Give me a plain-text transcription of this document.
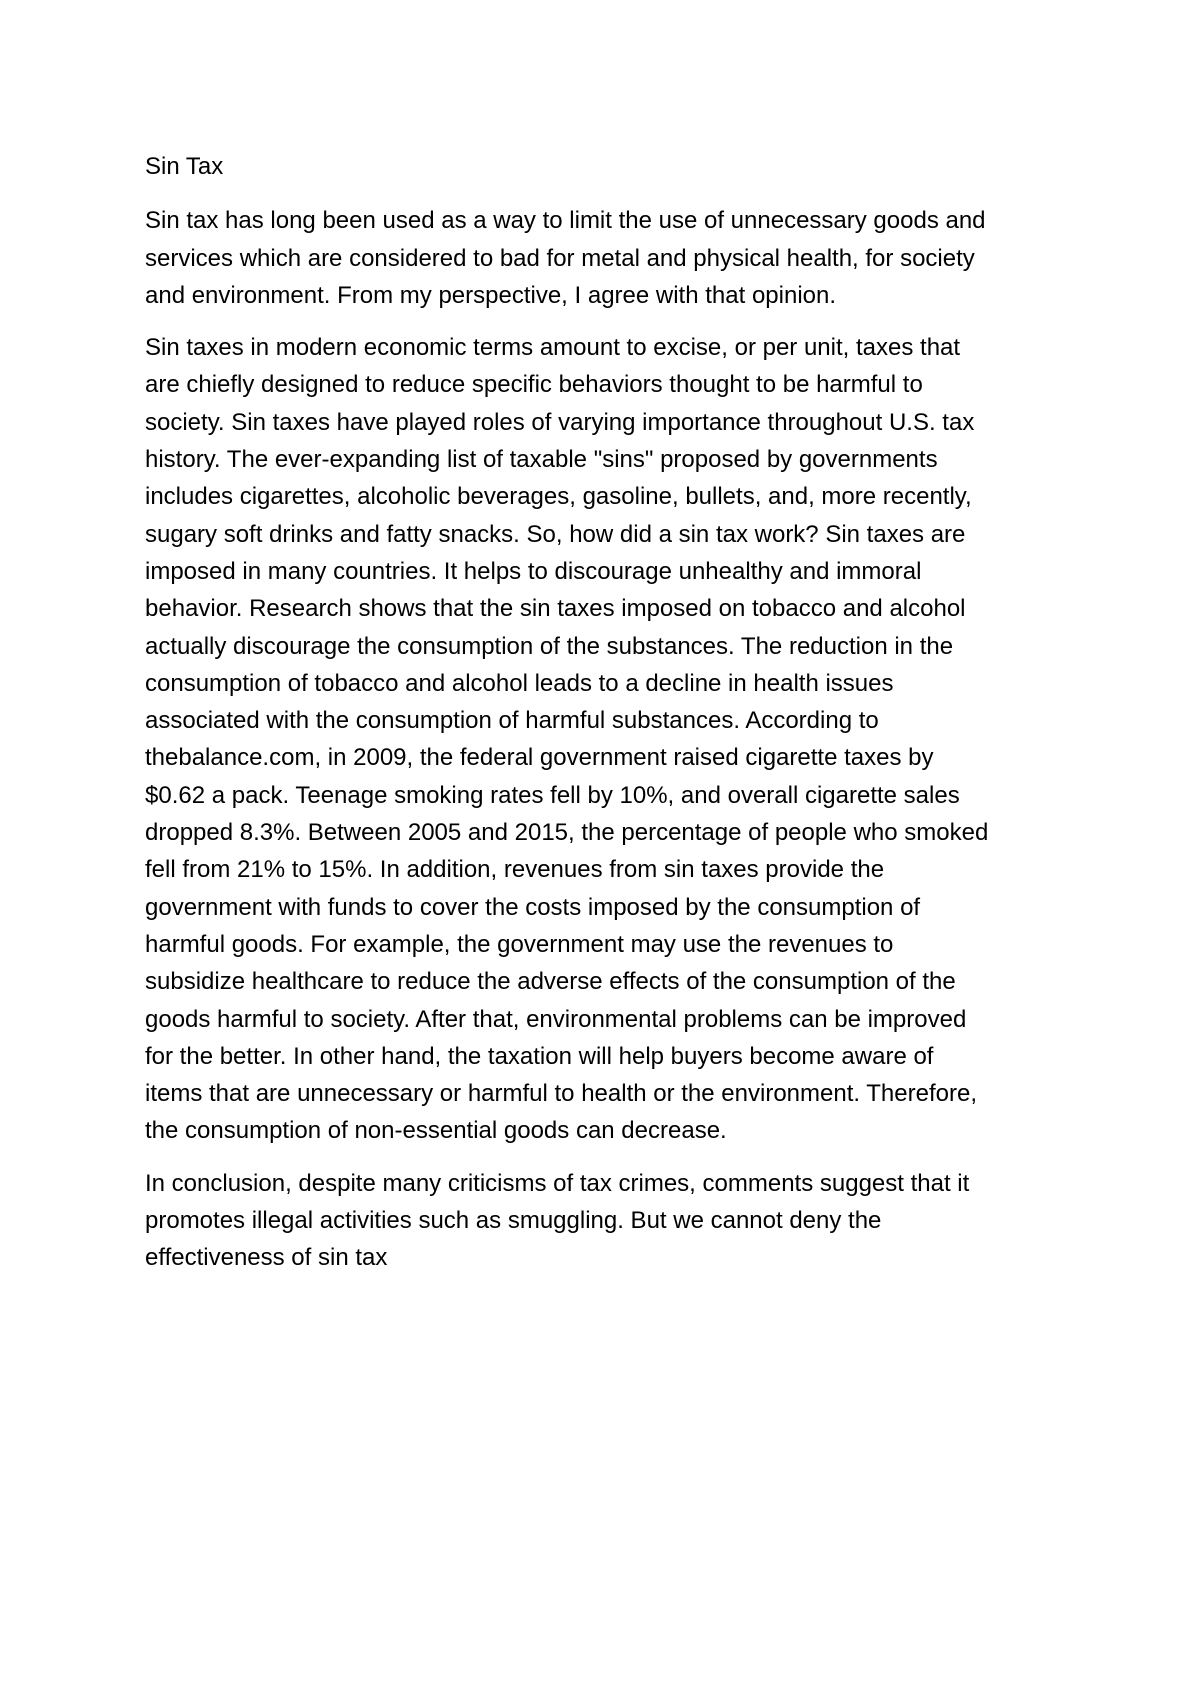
Sin Tax
Sin tax has long been used as a way to limit the use of unnecessary goods and
services which are considered to bad for metal and physical health, for society
and environment. From my perspective, I agree with that opinion.
Sin taxes in modern economic terms amount to excise, or per unit, taxes that
are chiefly designed to reduce specific behaviors thought to be harmful to
society. Sin taxes have played roles of varying importance throughout U.S. tax
history. The ever-expanding list of taxable "sins" proposed by governments
includes cigarettes, alcoholic beverages, gasoline, bullets, and, more recently,
sugary soft drinks and fatty snacks. So, how did a sin tax work? Sin taxes are
imposed in many countries. It helps to discourage unhealthy and immoral
behavior. Research shows that the sin taxes imposed on tobacco and alcohol
actually discourage the consumption of the substances. The reduction in the
consumption of tobacco and alcohol leads to a decline in health issues
associated with the consumption of harmful substances. According to
thebalance.com, in 2009, the federal government raised cigarette taxes by
$0.62 a pack. Teenage smoking rates fell by 10%, and overall cigarette sales
dropped 8.3%. Between 2005 and 2015, the percentage of people who smoked
fell from 21% to 15%. In addition, revenues from sin taxes provide the
government with funds to cover the costs imposed by the consumption of
harmful goods. For example, the government may use the revenues to
subsidize healthcare to reduce the adverse effects of the consumption of the
goods harmful to society. After that, environmental problems can be improved
for the better. In other hand, the taxation will help buyers become aware of
items that are unnecessary or harmful to health or the environment. Therefore,
the consumption of non-essential goods can decrease.
In conclusion, despite many criticisms of tax crimes, comments suggest that it
promotes illegal activities such as smuggling. But we cannot deny the
effectiveness of sin tax
